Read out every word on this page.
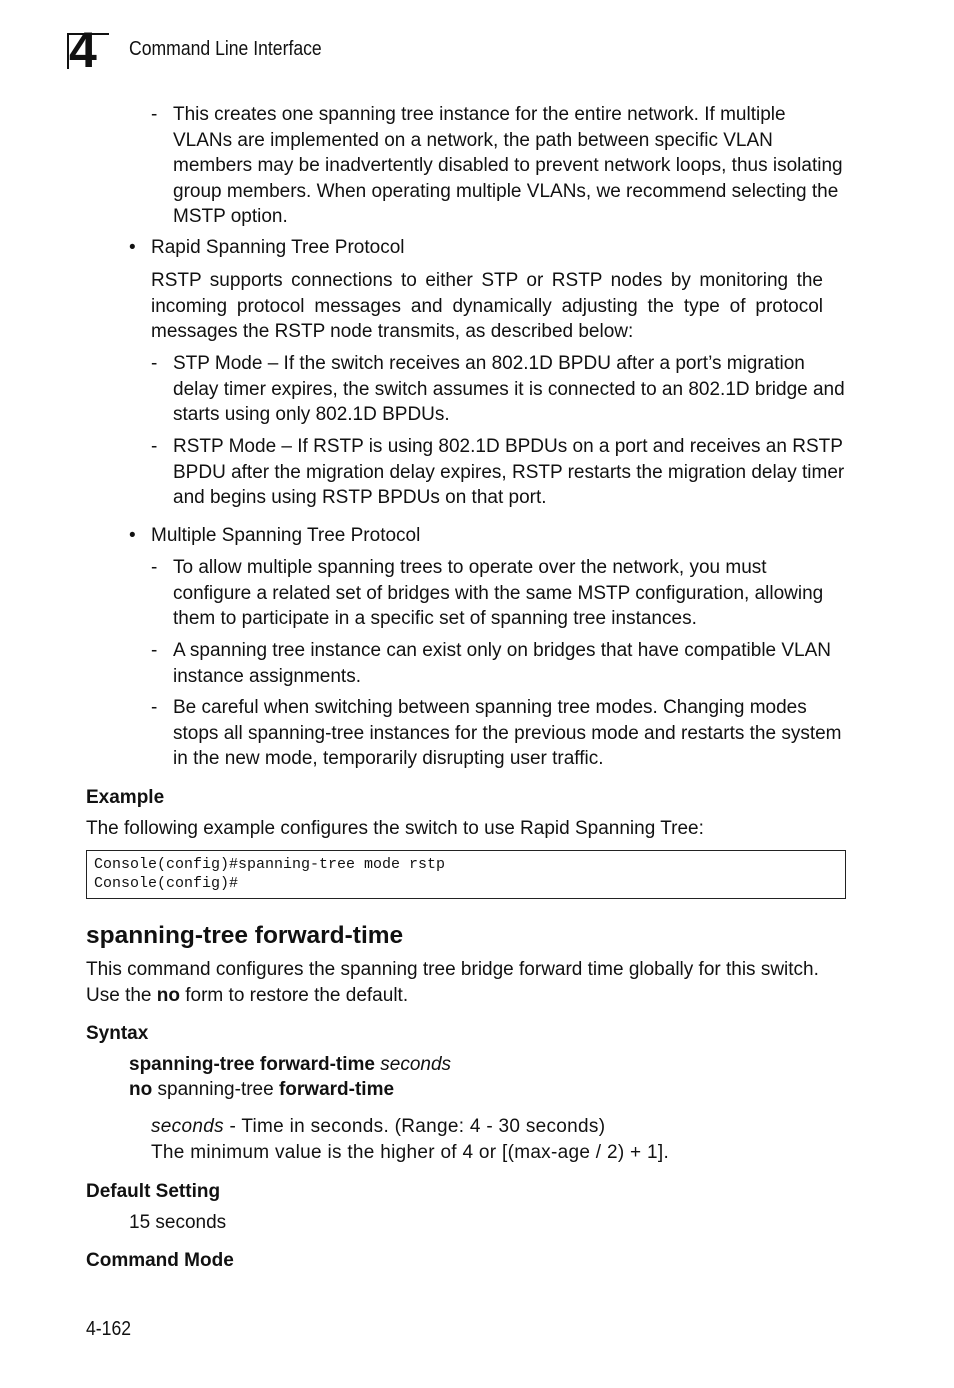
4 Command Line Interface
- This creates one spanning tree instance for the entire network. If multiple VLANs are implemented on a network, the path between specific VLAN members may be inadvertently disabled to prevent network loops, thus isolating group members. When operating multiple VLANs, we recommend selecting the MSTP option.
• Rapid Spanning Tree Protocol
RSTP supports connections to either STP or RSTP nodes by monitoring the incoming protocol messages and dynamically adjusting the type of protocol messages the RSTP node transmits, as described below:
- STP Mode – If the switch receives an 802.1D BPDU after a port’s migration delay timer expires, the switch assumes it is connected to an 802.1D bridge and starts using only 802.1D BPDUs.
- RSTP Mode – If RSTP is using 802.1D BPDUs on a port and receives an RSTP BPDU after the migration delay expires, RSTP restarts the migration delay timer and begins using RSTP BPDUs on that port.
• Multiple Spanning Tree Protocol
- To allow multiple spanning trees to operate over the network, you must configure a related set of bridges with the same MSTP configuration, allowing them to participate in a specific set of spanning tree instances.
- A spanning tree instance can exist only on bridges that have compatible VLAN instance assignments.
- Be careful when switching between spanning tree modes. Changing modes stops all spanning-tree instances for the previous mode and restarts the system in the new mode, temporarily disrupting user traffic.
Example
The following example configures the switch to use Rapid Spanning Tree:
Console(config)#spanning-tree mode rstp
Console(config)#
spanning-tree forward-time
This command configures the spanning tree bridge forward time globally for this switch. Use the no form to restore the default.
Syntax
spanning-tree forward-time seconds
no spanning-tree forward-time
seconds - Time in seconds. (Range: 4 - 30 seconds)
The minimum value is the higher of 4 or [(max-age / 2) + 1].
Default Setting
15 seconds
Command Mode
4-162
